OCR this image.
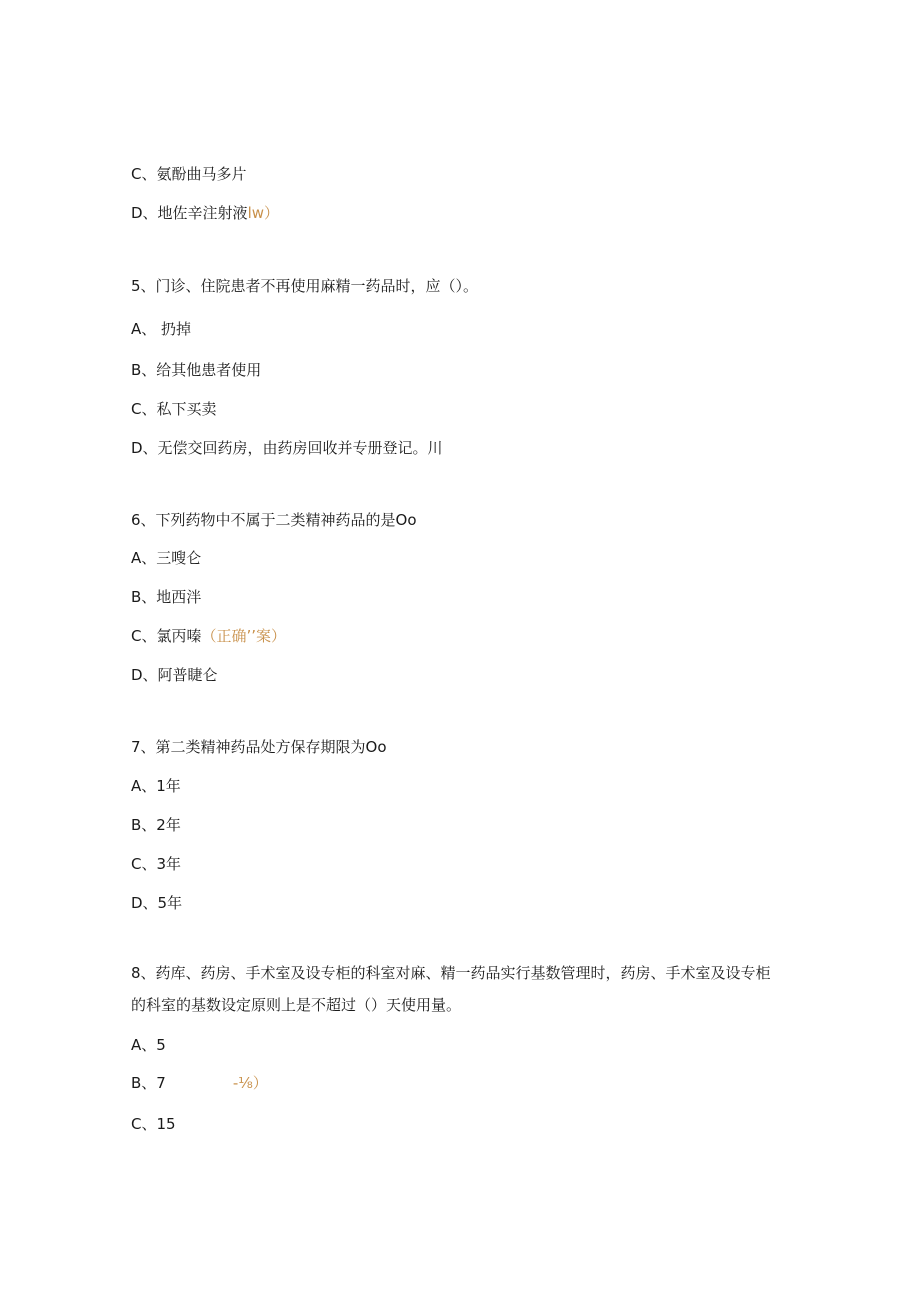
C、氨酚曲马多片
D、地佐辛注射液lw）
5、门诊、住院患者不再使用麻精一药品时，应（）。
A、 扔掉
B、给其他患者使用
C、私下买卖
D、无偿交回药房，由药房回收并专册登记。川
6、下列药物中不属于二类精神药品的是Oo
A、三嗖仑
B、地西泮
C、氯丙嗪（正确’’案）
D、阿普睫仑
7、第二类精神药品处方保存期限为Oo
A、1年
B、2年
C、3年
D、5年
8、药库、药房、手术室及设专柜的科室对麻、精一药品实行基数管理时，药房、手术室及设专柜的科室的基数设定原则上是不超过（）天使用量。
A、5
B、7	-⅛）
C、15
